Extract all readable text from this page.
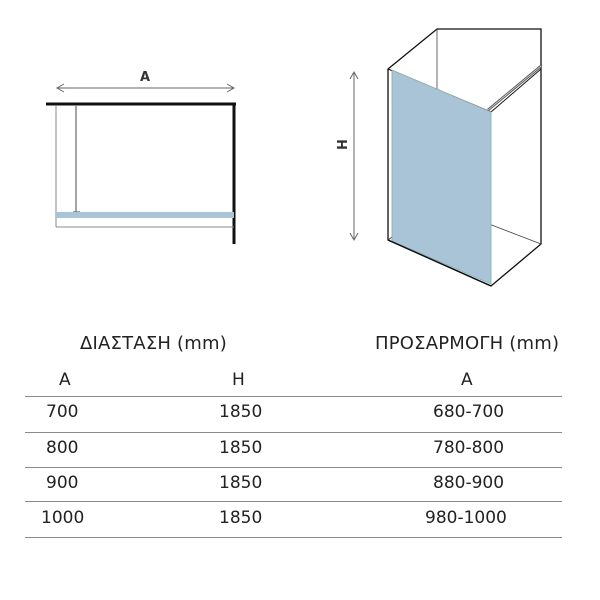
A
H
ΔΙΑΣΤΑΣΗ (mm)	ΠΡΟΣΑΡΜΟΓΗ (mm)
A	H	A
700	1850	680-700
800	1850	780-800
900	1850	880-900
1000	1850	980-1000
